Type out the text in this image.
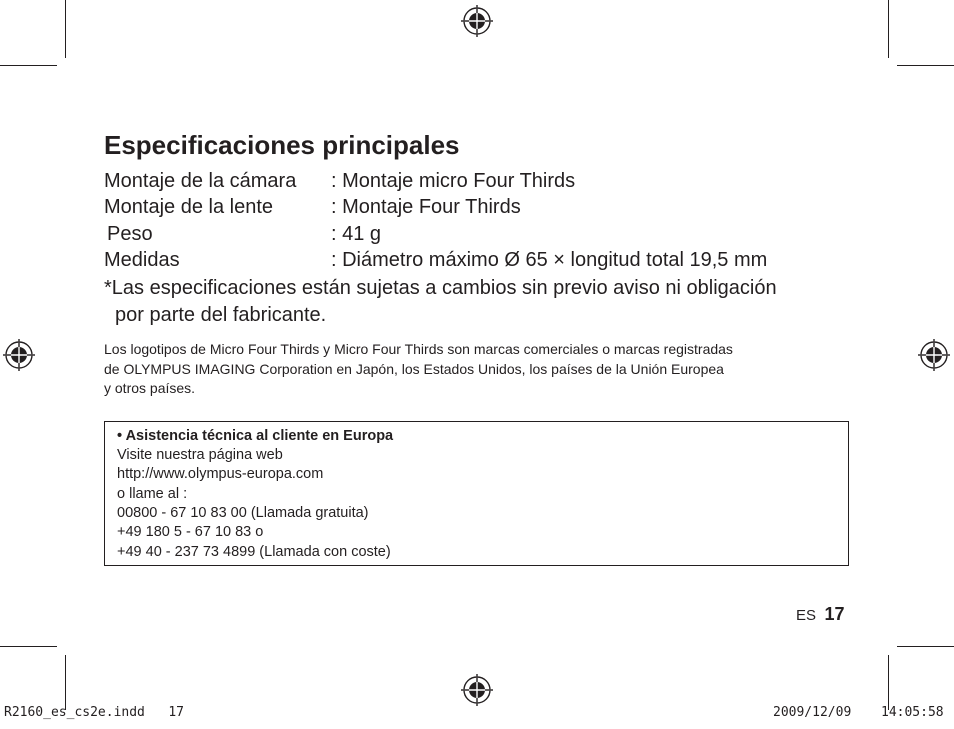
Especificaciones principales
Montaje de la cámara : Montaje micro Four Thirds
Montaje de la lente	: Montaje Four Thirds
Peso	: 41 g
Medidas	: Diámetro máximo Ø 65 × longitud total 19,5 mm
*Las especificaciones están sujetas a cambios sin previo aviso ni obligación
por parte del fabricante.
Los logotipos de Micro Four Thirds y Micro Four Thirds son marcas comerciales o marcas registradas
de OLYMPUS IMAGING Corporation en Japón, los Estados Unidos, los países de la Unión Europea
y otros países.
• Asistencia técnica al cliente en Europa
Visite nuestra página web
http://www.olympus-europa.com
o llame al :
00800 - 67 10 83 00 (Llamada gratuita)
+49 180 5 - 67 10 83 o
+49 40 - 237 73 4899 (Llamada con coste)
ES 17
R2160_es_cs2e.indd   17	2009/12/09 14:05:58
